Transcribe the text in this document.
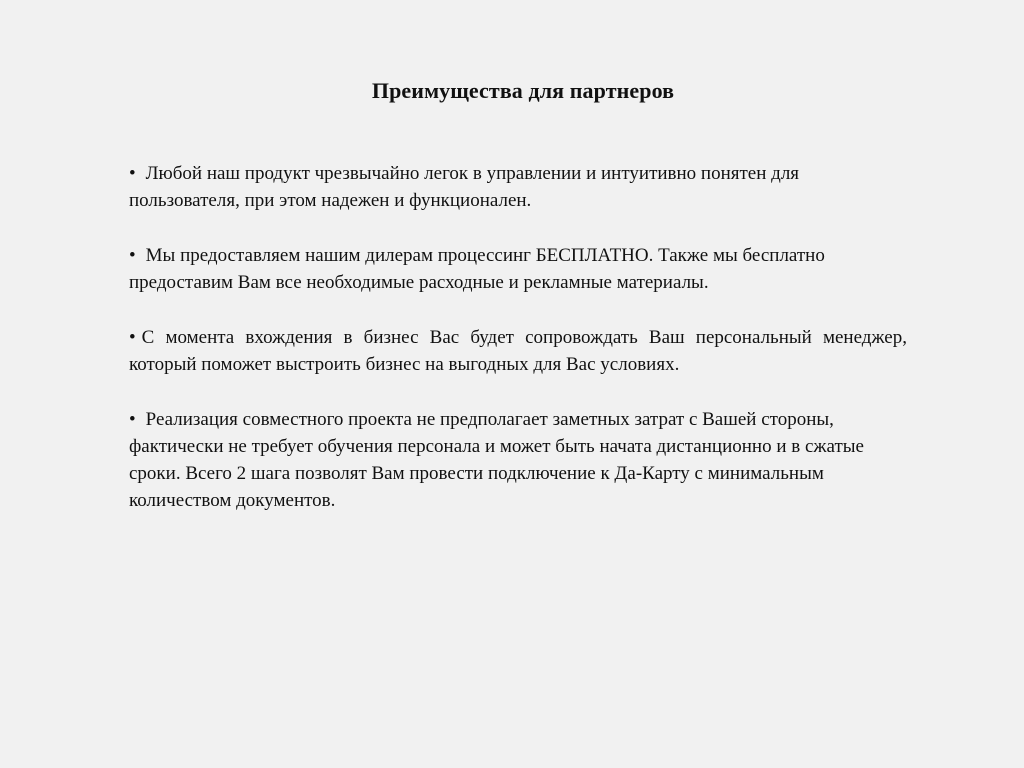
Преимущества для партнеров
• Любой наш продукт чрезвычайно легок в управлении и интуитивно понятен для пользователя, при этом надежен и функционален.
• Мы предоставляем нашим дилерам процессинг БЕСПЛАТНО. Также мы бесплатно предоставим Вам все необходимые расходные и рекламные материалы.
• С момента вхождения в бизнес Вас будет сопровождать Ваш персональный менеджер, который поможет выстроить бизнес на выгодных для Вас условиях.
• Реализация совместного проекта не предполагает заметных затрат с Вашей стороны, фактически не требует обучения персонала и может быть начата дистанционно и в сжатые сроки. Всего 2 шага позволят Вам провести подключение к Да-Карту с минимальным количеством документов.
